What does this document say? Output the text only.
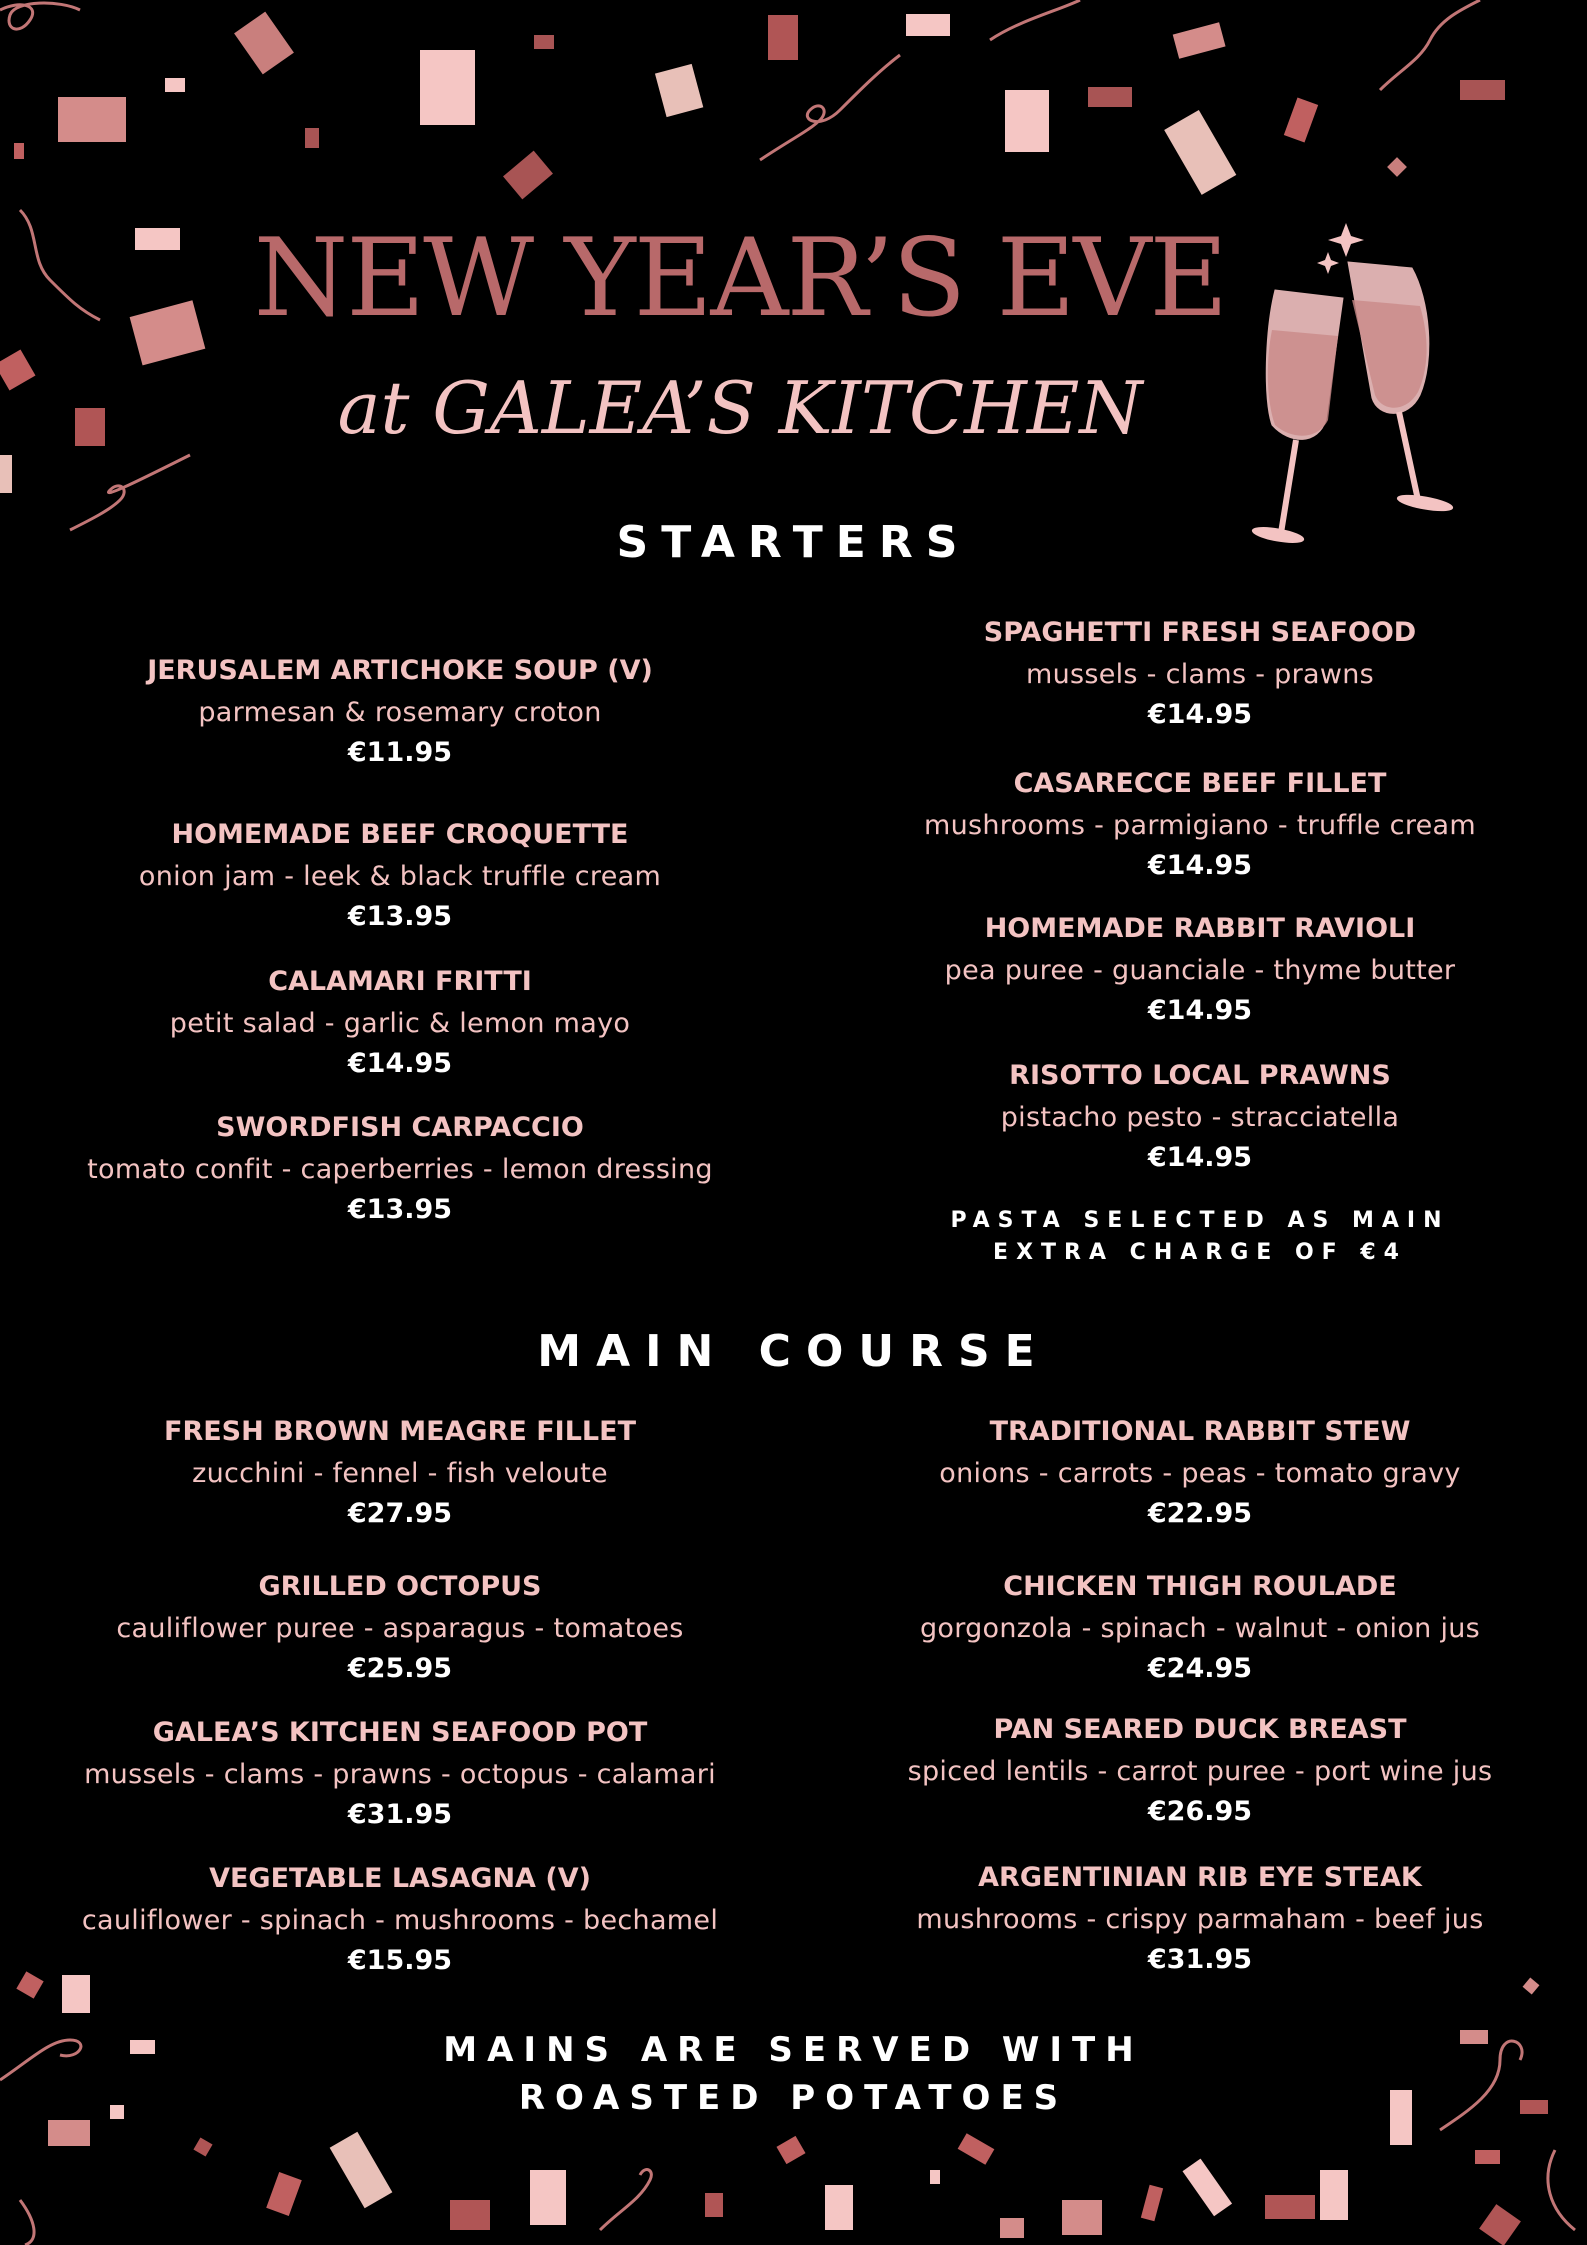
NEW YEAR’S EVE
at GALEA’S KITCHEN
STARTERS
JERUSALEM ARTICHOKE SOUP (V)
parmesan & rosemary croton
€11.95
HOMEMADE BEEF CROQUETTE
onion jam - leek & black truffle cream
€13.95
CALAMARI FRITTI
petit salad - garlic & lemon mayo
€14.95
SWORDFISH CARPACCIO
tomato confit - caperberries - lemon dressing
€13.95
SPAGHETTI FRESH SEAFOOD
mussels - clams - prawns
€14.95
CASARECCE BEEF FILLET
mushrooms - parmigiano - truffle cream
€14.95
HOMEMADE RABBIT RAVIOLI
pea puree - guanciale - thyme butter
€14.95
RISOTTO LOCAL PRAWNS
pistacho pesto - stracciatella
€14.95
PASTA SELECTED AS MAIN
EXTRA CHARGE OF €4
MAIN COURSE
FRESH BROWN MEAGRE FILLET
zucchini - fennel - fish veloute
€27.95
GRILLED OCTOPUS
cauliflower puree - asparagus - tomatoes
€25.95
GALEA’S KITCHEN SEAFOOD POT
mussels - clams - prawns - octopus - calamari
€31.95
VEGETABLE LASAGNA (V)
cauliflower - spinach - mushrooms - bechamel
€15.95
TRADITIONAL RABBIT STEW
onions - carrots - peas - tomato gravy
€22.95
CHICKEN THIGH ROULADE
gorgonzola - spinach - walnut - onion jus
€24.95
PAN SEARED DUCK BREAST
spiced lentils - carrot puree - port wine jus
€26.95
ARGENTINIAN RIB EYE STEAK
mushrooms - crispy parmaham - beef jus
€31.95
MAINS ARE SERVED WITH
ROASTED POTATOES
